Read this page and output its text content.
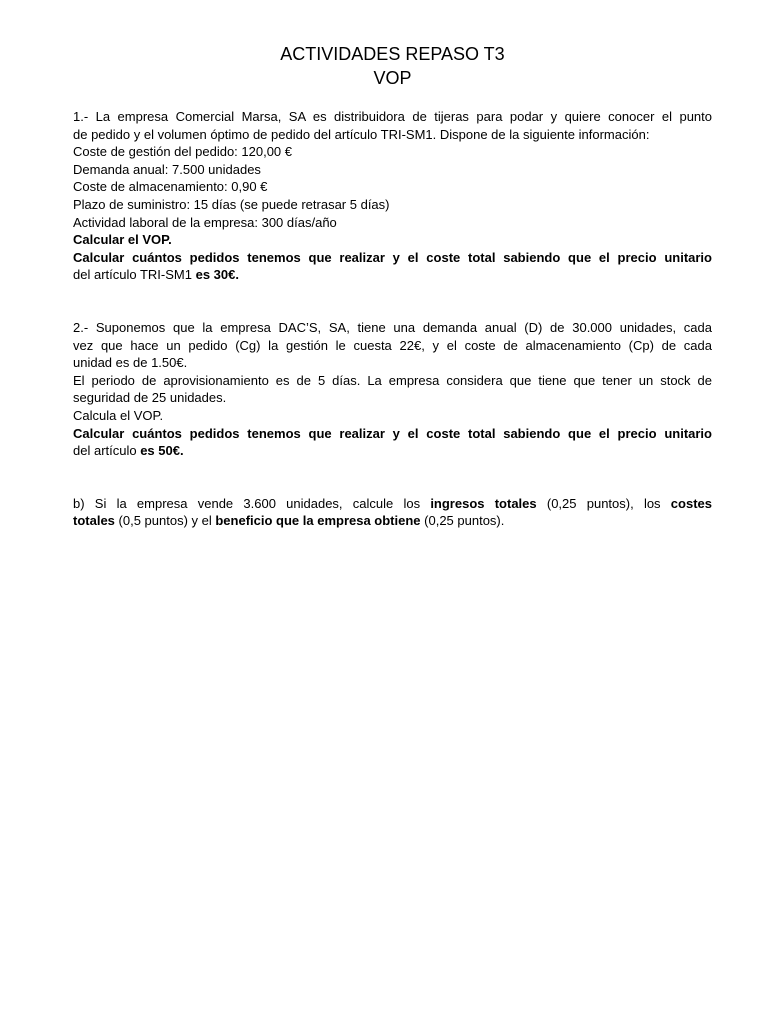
ACTIVIDADES REPASO T3
VOP
1.- La empresa Comercial Marsa, SA es distribuidora de tijeras para podar y quiere conocer el punto
de pedido y el volumen óptimo de pedido del artículo TRI-SM1. Dispone de la siguiente información:
Coste de gestión del pedido: 120,00 €
Demanda anual: 7.500 unidades
Coste de almacenamiento: 0,90 €
Plazo de suministro: 15 días (se puede retrasar 5 días)
Actividad laboral de la empresa: 300 días/año
Calcular el VOP.
Calcular cuántos pedidos tenemos que realizar y el coste total sabiendo que el precio unitario
del artículo TRI-SM1 es 30€.
2.- Suponemos que la empresa DAC’S, SA, tiene una demanda anual (D) de 30.000 unidades, cada
vez que hace un pedido (Cg) la gestión le cuesta 22€, y el coste de almacenamiento (Cp) de cada
unidad es de 1.50€.
El periodo de aprovisionamiento es de 5 días. La empresa considera que tiene que tener un stock de
seguridad de 25 unidades.
Calcula el VOP.
Calcular cuántos pedidos tenemos que realizar y el coste total sabiendo que el precio unitario
del artículo es 50€.
b) Si la empresa vende 3.600 unidades, calcule los ingresos totales (0,25 puntos), los costes
totales (0,5 puntos) y el beneficio que la empresa obtiene (0,25 puntos).
